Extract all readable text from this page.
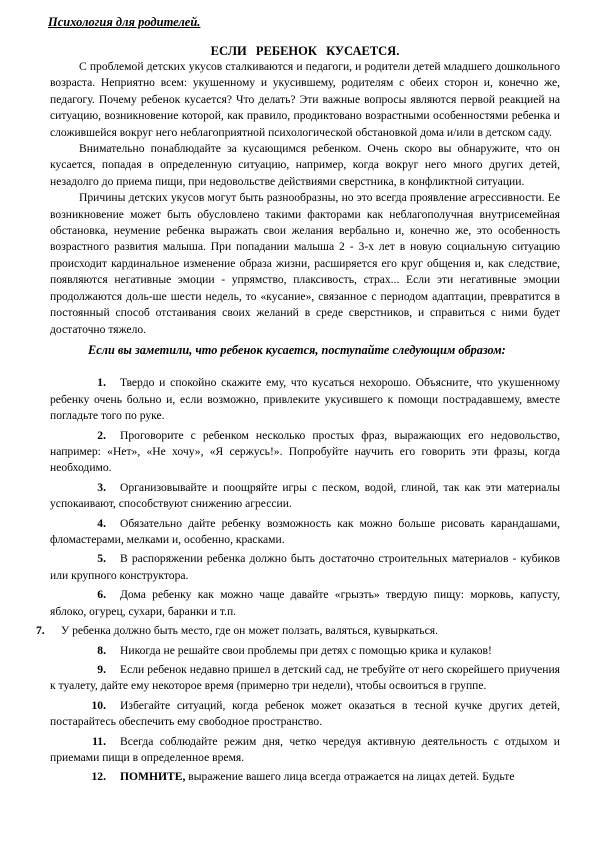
Психология для родителей.
ЕСЛИ РЕБЕНОК КУСАЕТСЯ.

С проблемой детских укусов сталкиваются и педагоги, и родители детей младшего дошкольного возраста. Неприятно всем: укушенному и укусившему, родителям с обеих сторон и, конечно же, педагогу. Почему ребенок кусается? Что делать? Эти важные вопросы являются первой реакцией на ситуацию, возникновение которой, как правило, продиктовано возрастными особенностями ребенка и сложившейся вокруг него неблагоприятной психологической обстановкой дома и/или в детском саду.

Внимательно понаблюдайте за кусающимся ребенком. Очень скоро вы обнаружите, что он кусается, попадая в определенную ситуацию, например, когда вокруг него много других детей, незадолго до приема пищи, при недовольстве действиями сверстника, в конфликтной ситуации.

Причины детских укусов могут быть разнообразны, но это всегда проявление агрессивности. Ее возникновение может быть обусловлено такими факторами как неблагополучная внутрисемейная обстановка, неумение ребенка выражать свои желания вербально и, конечно же, это особенность возрастного развития малыша. При попадании малыша 2 - 3-х лет в новую социальную ситуацию происходит кардинальное изменение образа жизни, расширяется его круг общения и, как следствие, появляются негативные эмоции - упрямство, плаксивость, страх... Если эти негативные эмоции продолжаются доль-ше шести недель, то «кусание», связанное с периодом адаптации, превратится в постоянный способ отстаивания своих желаний в среде сверстников, и справиться с ними будет достаточно тяжело.

Если вы заметили, что ребенок кусается, поступайте следующим образом:
1. Твердо и спокойно скажите ему, что кусаться нехорошо. Объясните, что укушенному ребенку очень больно и, если возможно, привлеките укусившего к помощи пострадавшему, вместе погладьте того по руке.
2. Проговорите с ребенком несколько простых фраз, выражающих его недовольство, например: «Нет», «Не хочу», «Я сержусь!». Попробуйте научить его говорить эти фразы, когда необходимо.
3. Организовывайте и поощряйте игры с песком, водой, глиной, так как эти материалы успокаивают, способствуют снижению агрессии.
4. Обязательно дайте ребенку возможность как можно больше рисовать карандашами, фломастерами, мелками и, особенно, красками.
5. В распоряжении ребенка должно быть достаточно строительных материалов - кубиков или крупного конструктора.
6. Дома ребенку как можно чаще давайте «грызть» твердую пищу: морковь, капусту, яблоко, огурец, сухари, баранки и т.п.
7. У ребенка должно быть место, где он может ползать, валяться, кувыркаться.
8. Никогда не решайте свои проблемы при детях с помощью крика и кулаков!
9. Если ребенок недавно пришел в детский сад, не требуйте от него скорейшего приучения к туалету, дайте ему некоторое время (примерно три недели), чтобы освоиться в группе.
10. Избегайте ситуаций, когда ребенок может оказаться в тесной кучке других детей, постарайтесь обеспечить ему свободное пространство.
11. Всегда соблюдайте режим дня, четко чередуя активную деятельность с отдыхом и приемами пищи в определенное время.
12. ПОМНИТЕ, выражение вашего лица всегда отражается на лицах детей. Будьте
